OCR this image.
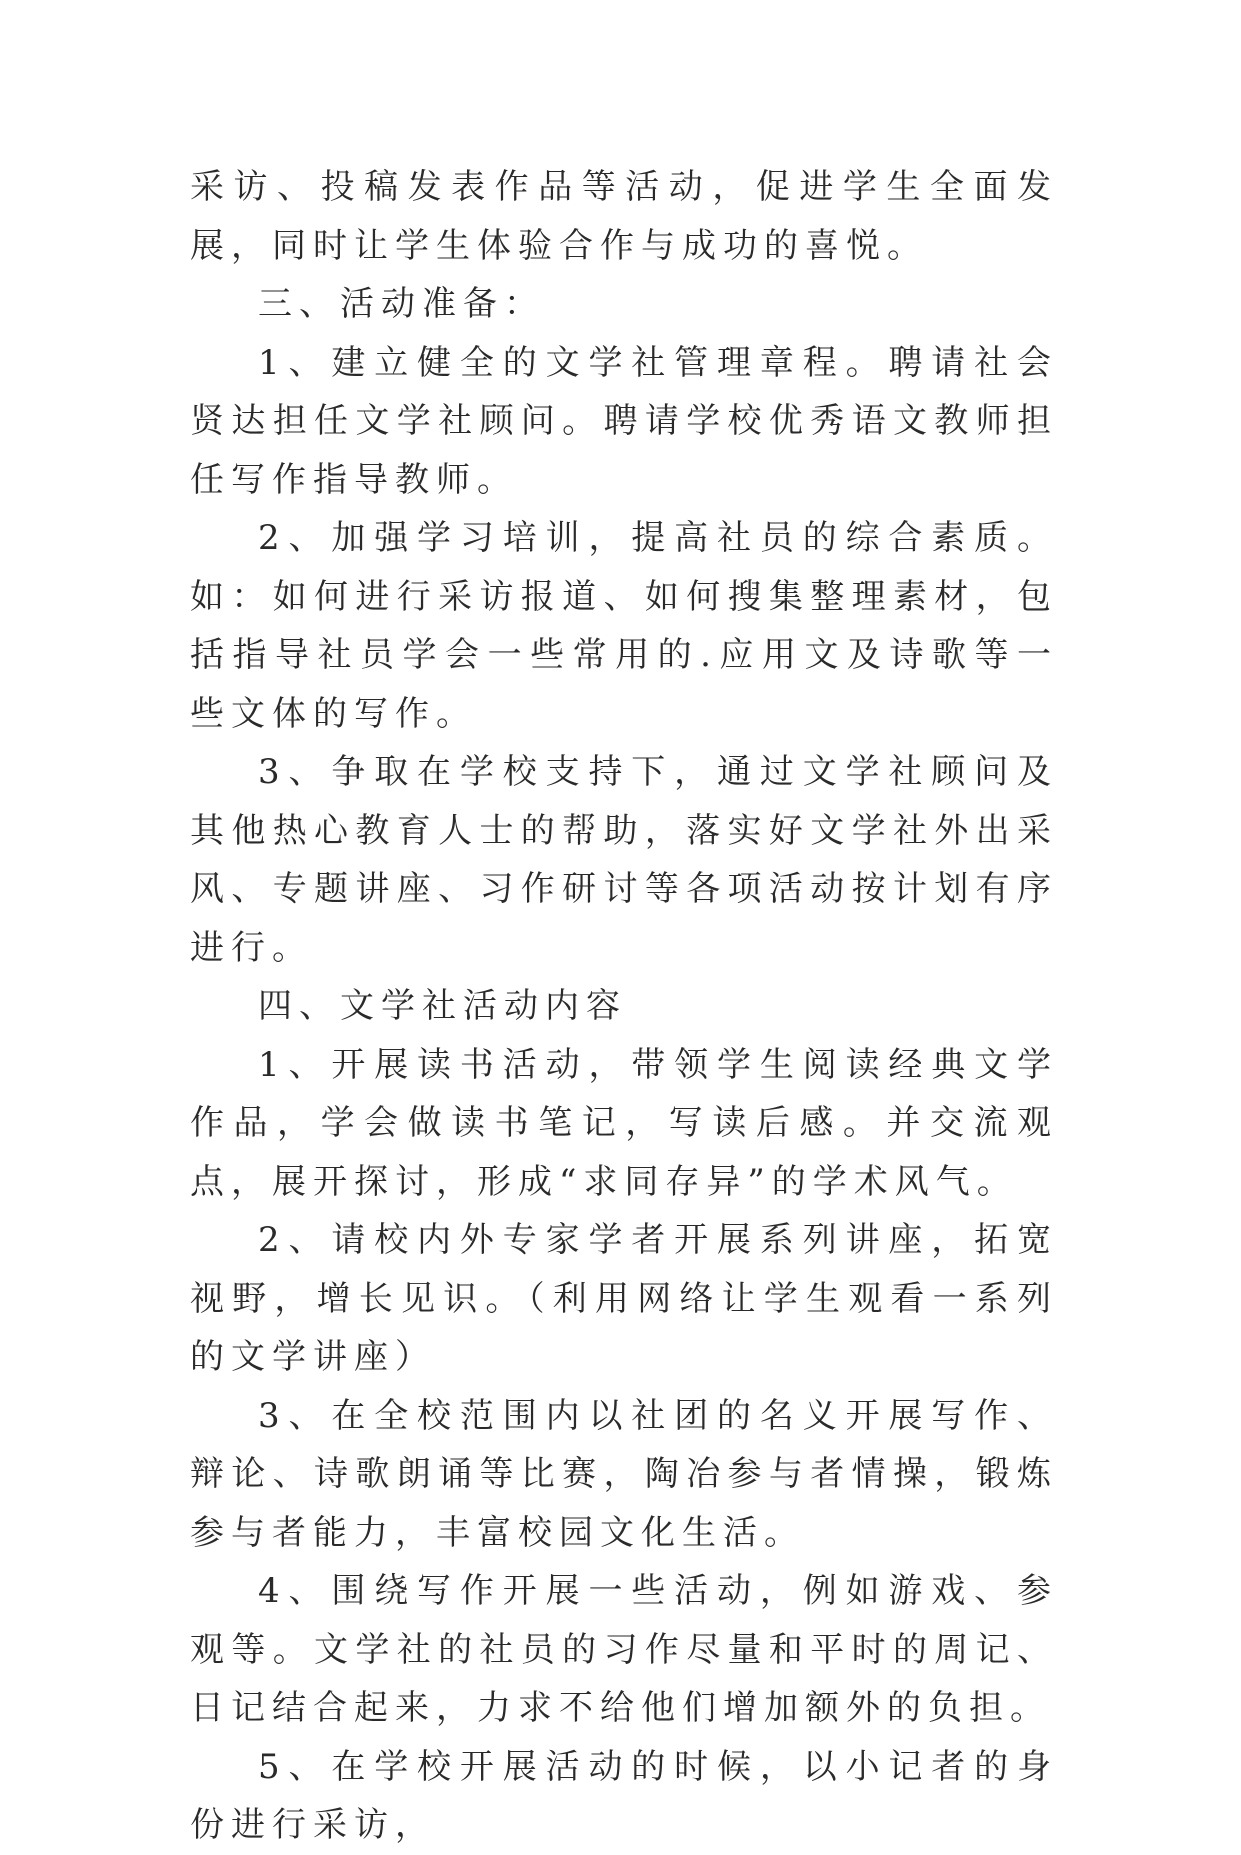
采访、投稿发表作品等活动，促进学生全面发展，同时让学生体验合作与成功的喜悦。

三、活动准备：

1、建立健全的文学社管理章程。聘请社会贤达担任文学社顾问。聘请学校优秀语文教师担任写作指导教师。

2、加强学习培训，提高社员的综合素质。如：如何进行采访报道、如何搜集整理素材，包括指导社员学会一些常用的.应用文及诗歌等一些文体的写作。

3、争取在学校支持下，通过文学社顾问及其他热心教育人士的帮助，落实好文学社外出采风、专题讲座、习作研讨等各项活动按计划有序进行。

四、文学社活动内容

1、开展读书活动，带领学生阅读经典文学作品，学会做读书笔记，写读后感。并交流观点，展开探讨，形成“求同存异”的学术风气。

2、请校内外专家学者开展系列讲座，拓宽视野，增长见识。（利用网络让学生观看一系列的文学讲座）

3、在全校范围内以社团的名义开展写作、辩论、诗歌朗诵等比赛，陶冶参与者情操，锻炼参与者能力，丰富校园文化生活。

4、围绕写作开展一些活动，例如游戏、参观等。文学社的社员的习作尽量和平时的周记、日记结合起来，力求不给他们增加额外的负担。

5、在学校开展活动的时候，以小记者的身份进行采访，
